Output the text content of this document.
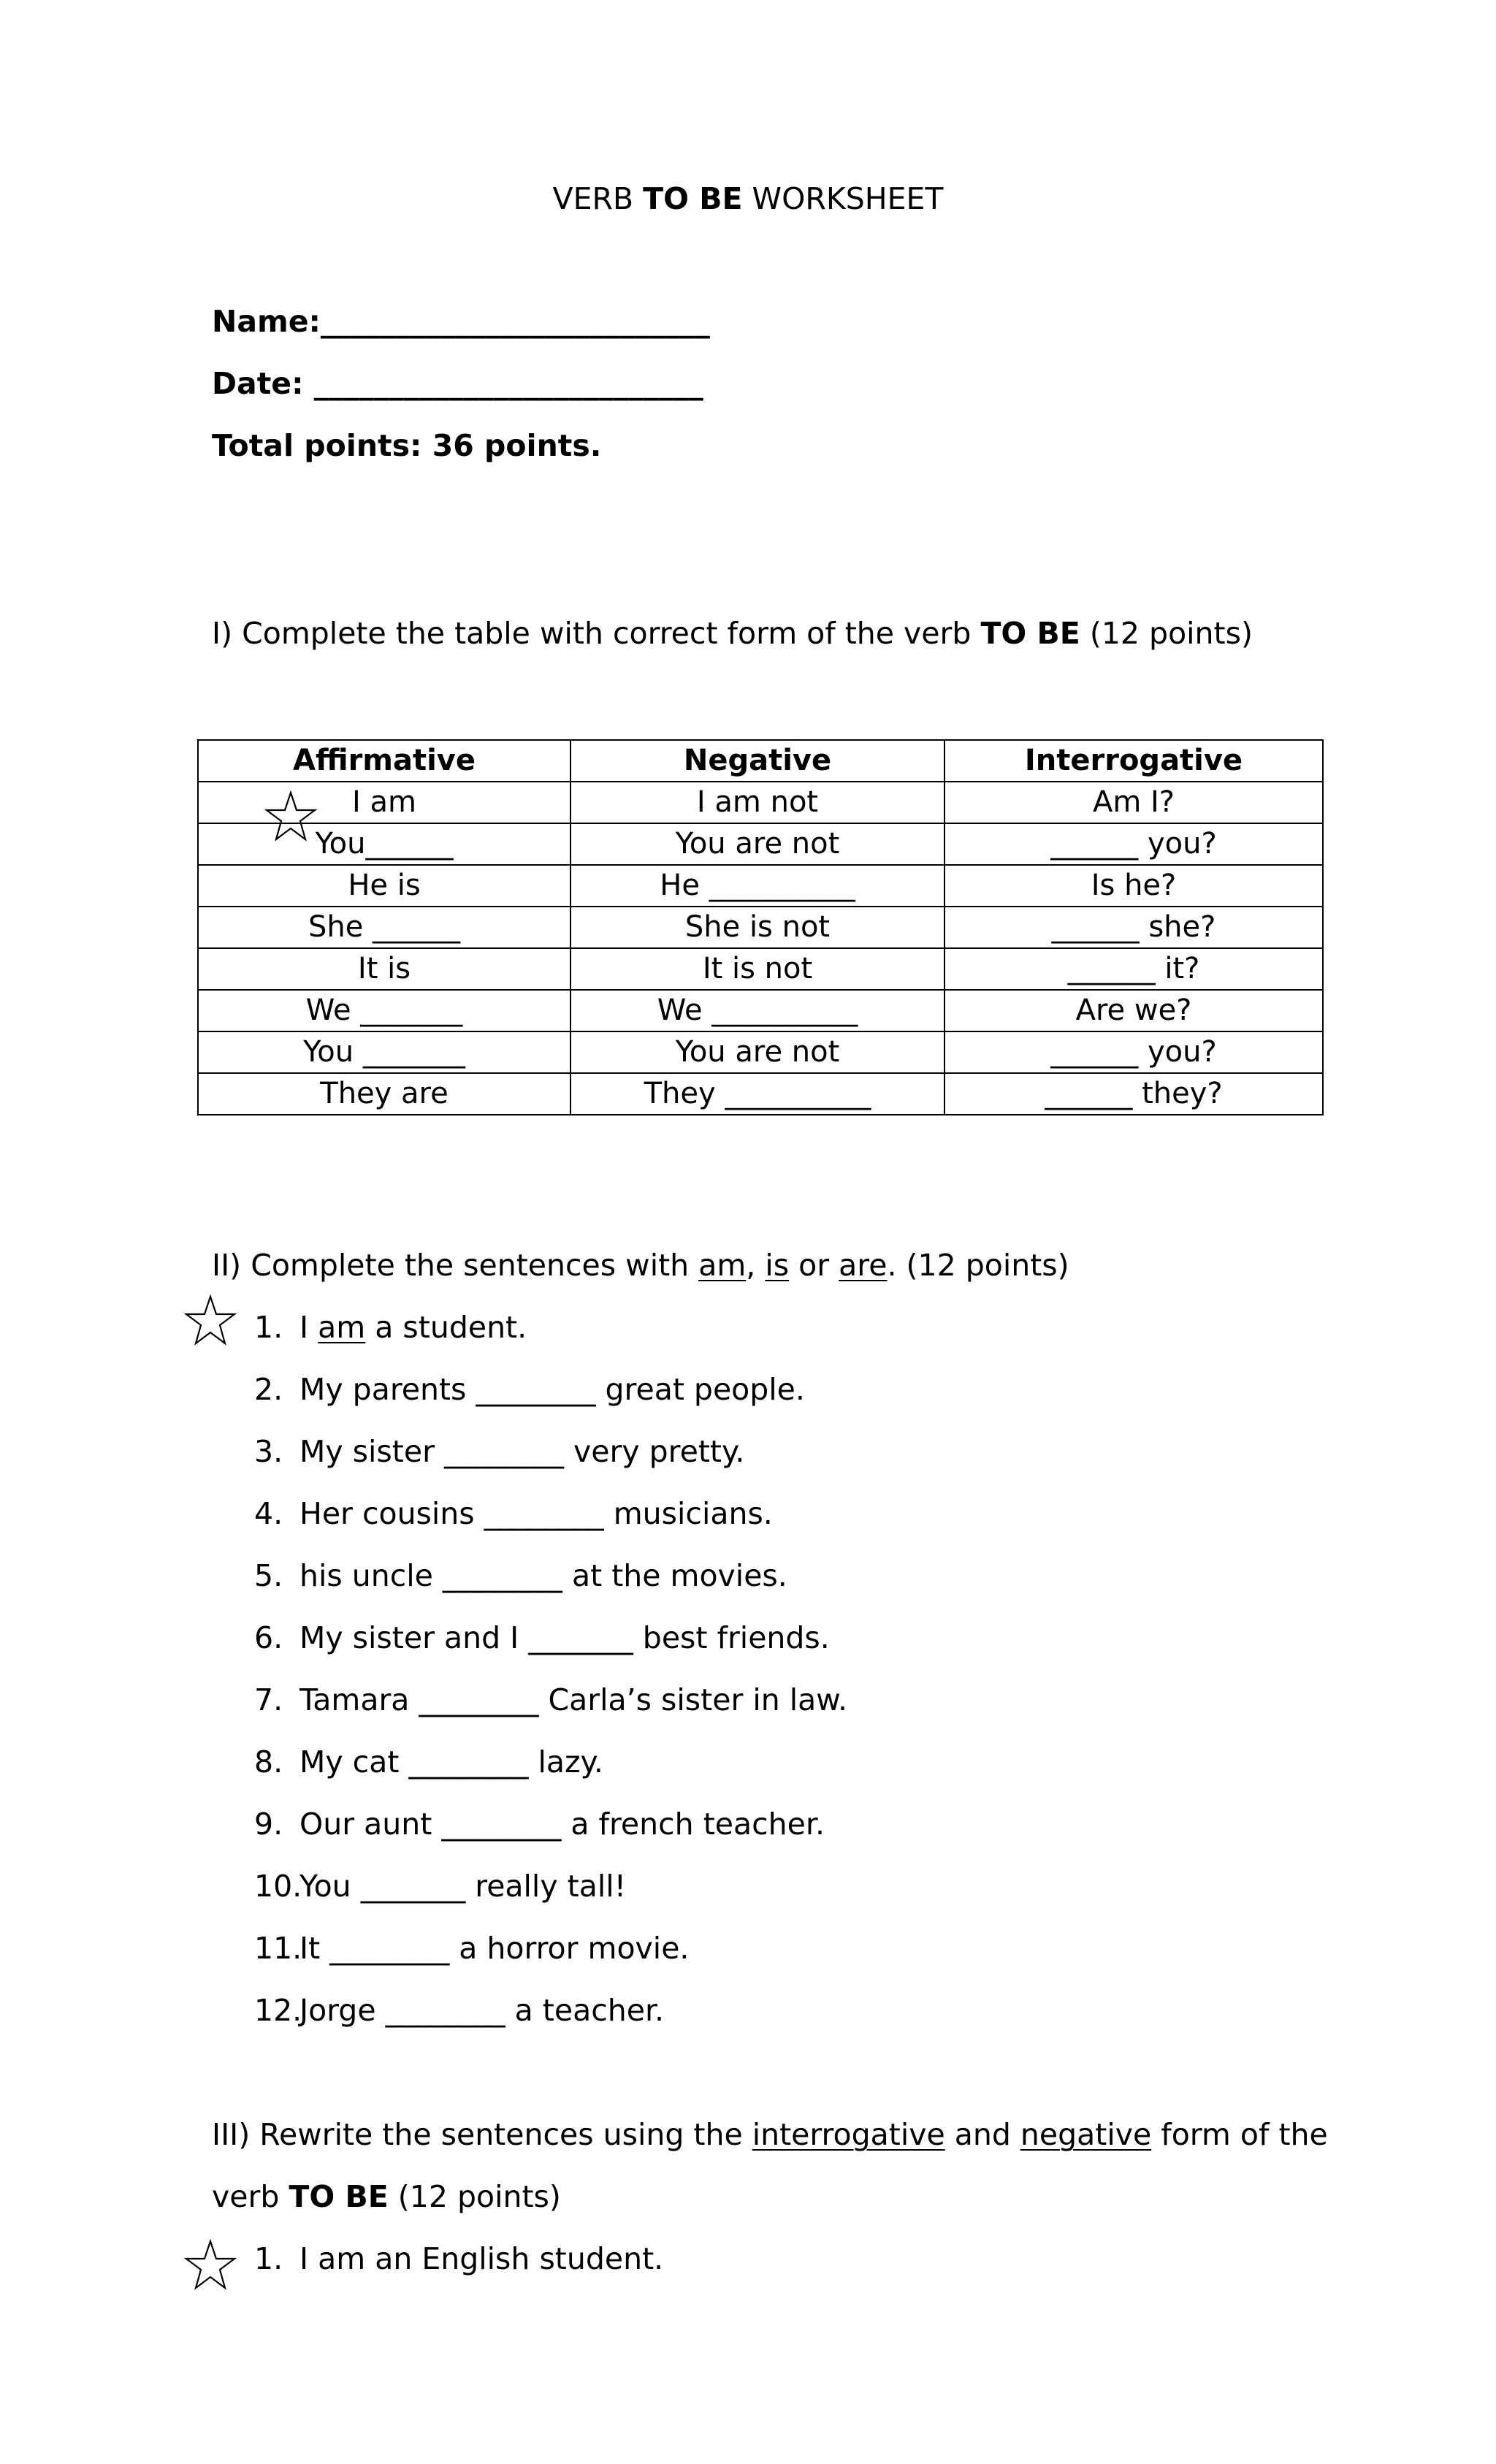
VERB TO BE WORKSHEET
Name:__________________________
Date: __________________________
Total points: 36 points.
I) Complete the table with correct form of the verb TO BE (12 points)
Affirmative	Negative	Interrogative
I am	I am not	Am I?
You______	You are not	______ you?
He is	He __________	Is he?
She ______	She is not	______ she?
It is	It is not	______ it?
We _______	We __________	Are we?
You _______	You are not	______ you?
They are	They __________	______ they?
II) Complete the sentences with am, is or are. (12 points)
1. I am a student.
2. My parents ________ great people.
3. My sister ________ very pretty.
4. Her cousins ________ musicians.
5. his uncle ________ at the movies.
6. My sister and I _______ best friends.
7. Tamara ________ Carla’s sister in law.
8. My cat ________ lazy.
9. Our aunt ________ a french teacher.
10.You _______ really tall!
11.It ________ a horror movie.
12.Jorge ________ a teacher.
III) Rewrite the sentences using the interrogative and negative form of the
verb TO BE (12 points)
1. I am an English student.
